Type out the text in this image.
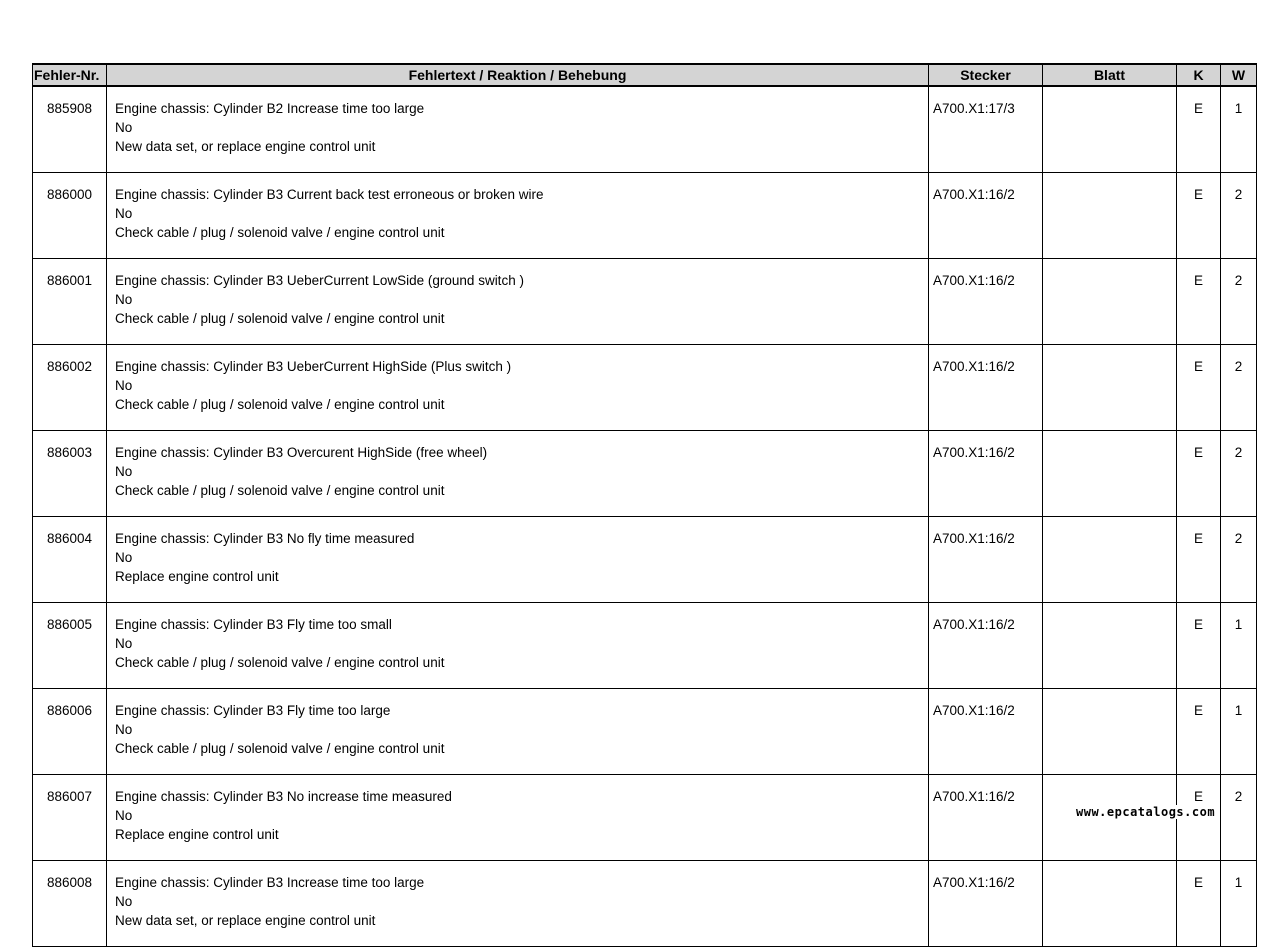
Fehler-Nr.	Fehlertext / Reaktion / Behebung	Stecker	Blatt	K	W
885908	Engine chassis: Cylinder B2 Increase time too large
No
New data set, or replace engine control unit	A700.X1:17/3		E	1
886000	Engine chassis: Cylinder B3 Current back test erroneous or broken wire
No
Check cable / plug / solenoid valve / engine control unit	A700.X1:16/2		E	2
886001	Engine chassis: Cylinder B3 UeberCurrent LowSide (ground switch )
No
Check cable / plug / solenoid valve / engine control unit	A700.X1:16/2		E	2
886002	Engine chassis: Cylinder B3 UeberCurrent HighSide (Plus switch )
No
Check cable / plug / solenoid valve / engine control unit	A700.X1:16/2		E	2
886003	Engine chassis: Cylinder B3 Overcurent HighSide (free wheel)
No
Check cable / plug / solenoid valve / engine control unit	A700.X1:16/2		E	2
886004	Engine chassis: Cylinder B3 No fly time measured
No
Replace engine control unit	A700.X1:16/2		E	2
886005	Engine chassis: Cylinder B3 Fly time too small
No
Check cable / plug / solenoid valve / engine control unit	A700.X1:16/2		E	1
886006	Engine chassis: Cylinder B3 Fly time too large
No
Check cable / plug / solenoid valve / engine control unit	A700.X1:16/2		E	1
886007	Engine chassis: Cylinder B3 No increase time measured
No
Replace engine control unit	A700.X1:16/2		E	2
886008	Engine chassis: Cylinder B3 Increase time too large
No
New data set, or replace engine control unit	A700.X1:16/2		E	1
www.epcatalogs.com
